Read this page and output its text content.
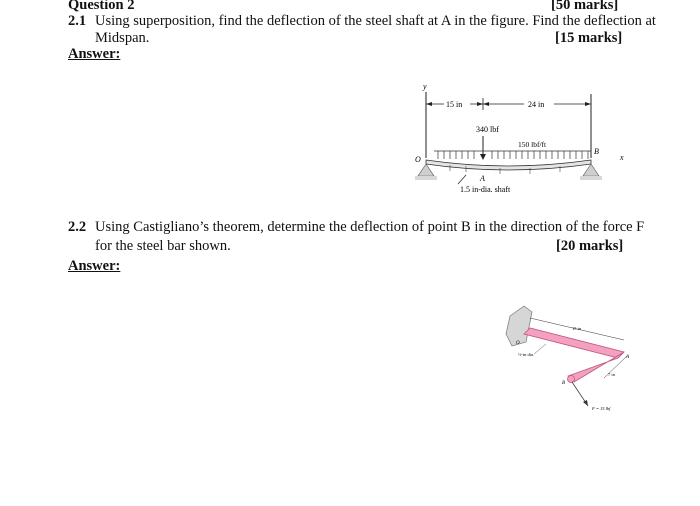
Question 2	[50 marks]
2.1 Using superposition, find the deflection of the steel shaft at A in the figure. Find the deflection at
Midspan.	[15 marks]
Answer:
y
15 in	24 in
340 lbf
150 lbf/ft
O
B
x
A
1.5 in-dia. shaft
2.2 Using Castigliano’s theorem, determine the deflection of point B in the direction of the force F
for the steel bar shown.	[20 marks]
Answer:
15 in
7 in
O
A
B
½-in dia.
F = 15 lbf
